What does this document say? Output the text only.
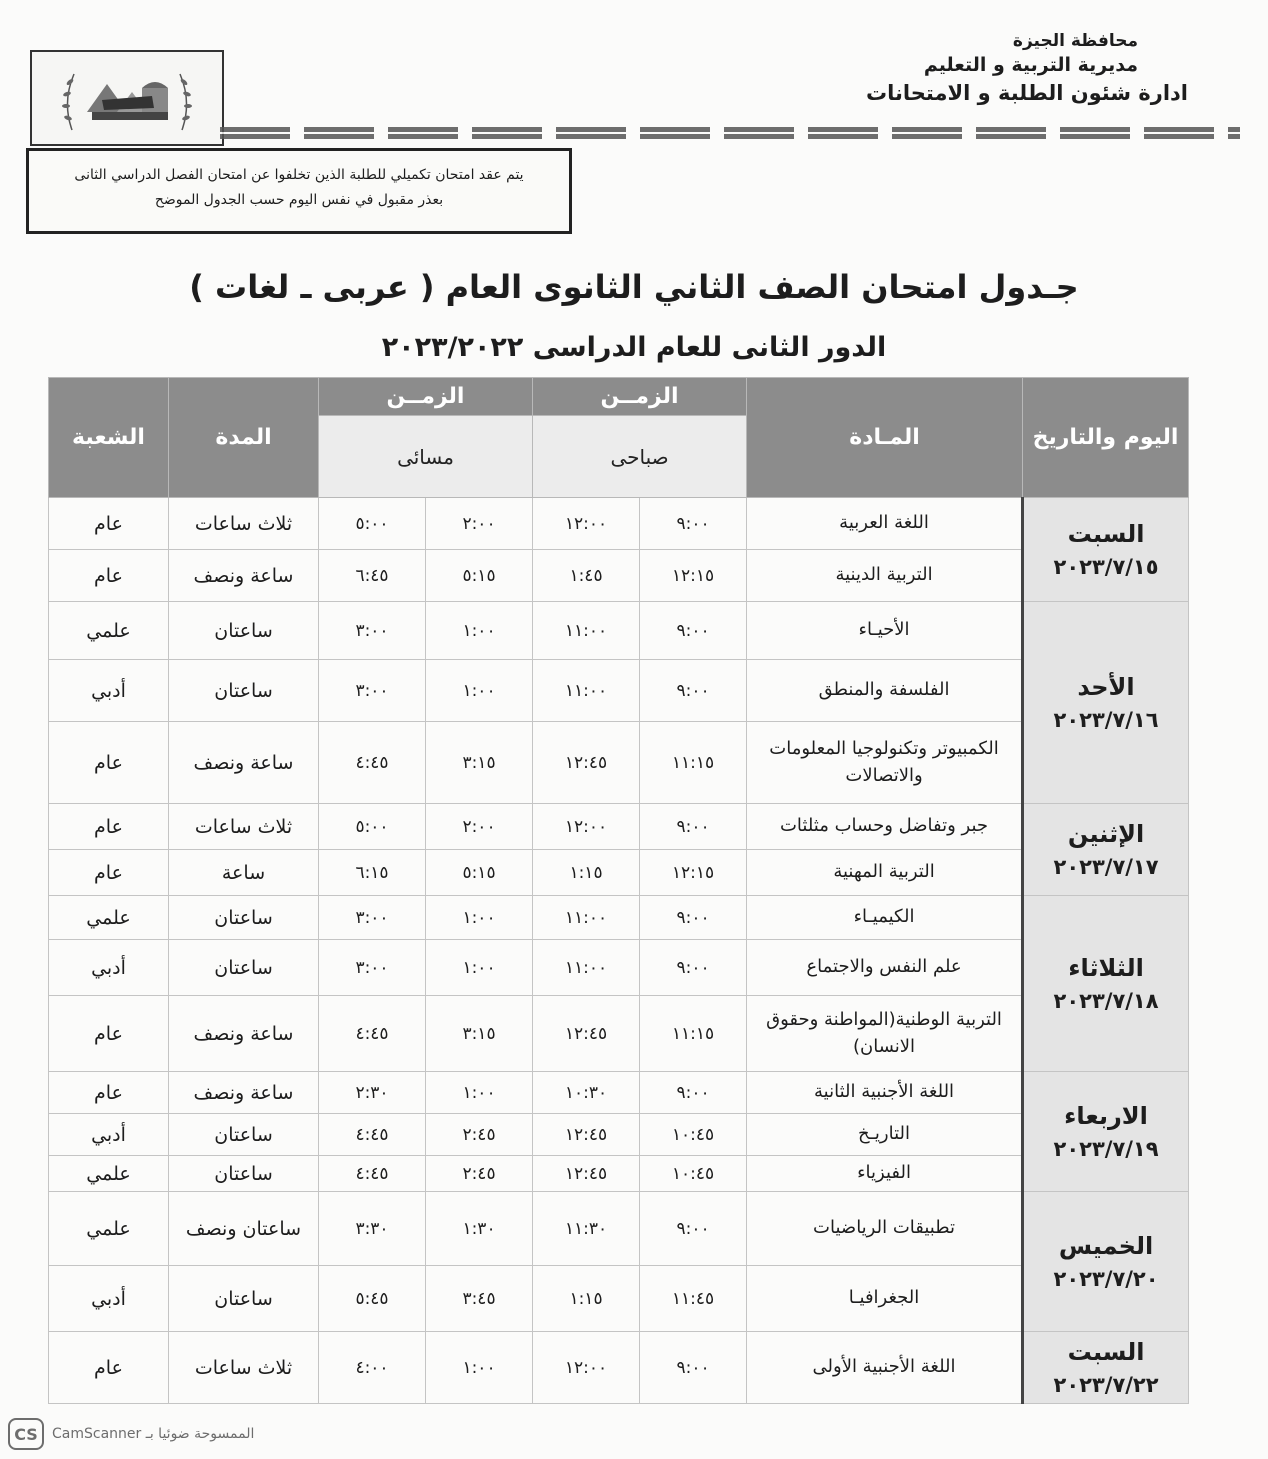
محافظة الجيزة
مديرية التربية و التعليم
ادارة شئون الطلبة و الامتحانات
يتم عقد امتحان تكميلي للطلبة الذين تخلفوا عن امتحان الفصل الدراسي الثانى
بعذر مقبول في نفس اليوم حسب الجدول الموضح
جـدول امتحان الصف الثاني الثانوى العام ( عربى ـ لغات )
الدور الثانى للعام الدراسى ٢٠٢٣/٢٠٢٢
اليوم والتاريخ	المـادة	الزمــن		الزمــن		المدة	الشعبة
		صباحى		مسائى			

السبت
٢٠٢٣/٧/١٥	اللغة العربية	٩:٠٠	١٢:٠٠	٢:٠٠	٥:٠٠	ثلاث ساعات	عام
	التربية الدينية	١٢:١٥	١:٤٥	٥:١٥	٦:٤٥	ساعة ونصف	عام

الأحد
٢٠٢٣/٧/١٦	الأحيـاء	٩:٠٠	١١:٠٠	١:٠٠	٣:٠٠	ساعتان	علمي
	الفلسفة والمنطق	٩:٠٠	١١:٠٠	١:٠٠	٣:٠٠	ساعتان	أدبي
	الكمبيوتر وتكنولوجيا المعلومات والاتصالات	١١:١٥	١٢:٤٥	٣:١٥	٤:٤٥	ساعة ونصف	عام

الإثنين
٢٠٢٣/٧/١٧	جبر وتفاضل وحساب مثلثات	٩:٠٠	١٢:٠٠	٢:٠٠	٥:٠٠	ثلاث ساعات	عام
	التربية المهنية	١٢:١٥	١:١٥	٥:١٥	٦:١٥	ساعة	عام

الثلاثاء
٢٠٢٣/٧/١٨	الكيميـاء	٩:٠٠	١١:٠٠	١:٠٠	٣:٠٠	ساعتان	علمي
	علم النفس والاجتماع	٩:٠٠	١١:٠٠	١:٠٠	٣:٠٠	ساعتان	أدبي
	التربية الوطنية(المواطنة وحقوق الانسان)	١١:١٥	١٢:٤٥	٣:١٥	٤:٤٥	ساعة ونصف	عام

الاربعاء
٢٠٢٣/٧/١٩	اللغة الأجنبية الثانية	٩:٠٠	١٠:٣٠	١:٠٠	٢:٣٠	ساعة ونصف	عام
	التاريـخ	١٠:٤٥	١٢:٤٥	٢:٤٥	٤:٤٥	ساعتان	أدبي
	الفيزياء	١٠:٤٥	١٢:٤٥	٢:٤٥	٤:٤٥	ساعتان	علمي

الخميس
٢٠٢٣/٧/٢٠	تطبيقات الرياضيات	٩:٠٠	١١:٣٠	١:٣٠	٣:٣٠	ساعتان ونصف	علمي
	الجغرافيـا	١١:٤٥	١:١٥	٣:٤٥	٥:٤٥	ساعتان	أدبي

السبت
٢٠٢٣/٧/٢٢	اللغة الأجنبية الأولى	٩:٠٠	١٢:٠٠	١:٠٠	٤:٠٠	ثلاث ساعات	عام
CS	الممسوحة ضوئيا بـ CamScanner
